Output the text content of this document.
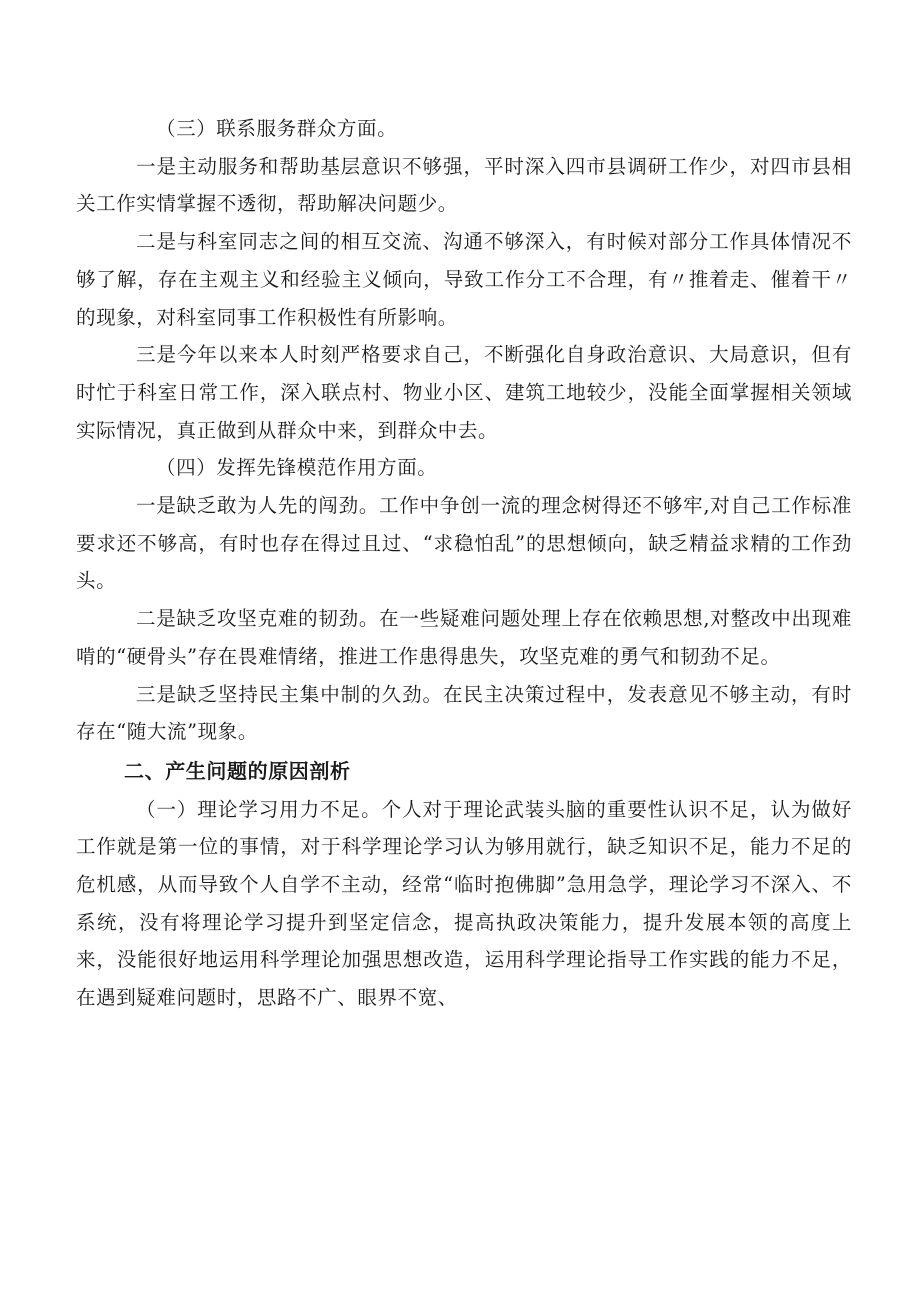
（三）联系服务群众方面。

一是主动服务和帮助基层意识不够强，平时深入四市县调研工作少，对四市县相关工作实情掌握不透彻，帮助解决问题少。

二是与科室同志之间的相互交流、沟通不够深入，有时候对部分工作具体情况不够了解，存在主观主义和经验主义倾向，导致工作分工不合理，有〃推着走、催着干〃的现象，对科室同事工作积极性有所影响。

三是今年以来本人时刻严格要求自己，不断强化自身政治意识、大局意识，但有时忙于科室日常工作，深入联点村、物业小区、建筑工地较少，没能全面掌握相关领域实际情况，真正做到从群众中来，到群众中去。

（四）发挥先锋模范作用方面。

一是缺乏敢为人先的闯劲。工作中争创一流的理念树得还不够牢,对自己工作标准要求还不够高，有时也存在得过且过、“求稳怕乱”的思想倾向，缺乏精益求精的工作劲头。

二是缺乏攻坚克难的韧劲。在一些疑难问题处理上存在依赖思想,对整改中出现难啃的“硬骨头”存在畏难情绪，推进工作患得患失，攻坚克难的勇气和韧劲不足。

三是缺乏坚持民主集中制的久劲。在民主决策过程中，发表意见不够主动，有时存在“随大流”现象。

二、产生问题的原因剖析

（一）理论学习用力不足。个人对于理论武装头脑的重要性认识不足，认为做好工作就是第一位的事情，对于科学理论学习认为够用就行，缺乏知识不足，能力不足的危机感，从而导致个人自学不主动，经常“临时抱佛脚”急用急学，理论学习不深入、不系统，没有将理论学习提升到坚定信念，提高执政决策能力，提升发展本领的高度上来，没能很好地运用科学理论加强思想改造，运用科学理论指导工作实践的能力不足，在遇到疑难问题时，思路不广、眼界不宽、
